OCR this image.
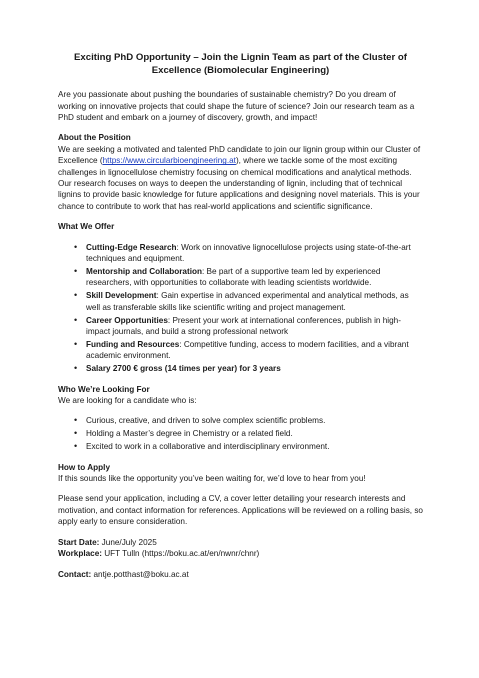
Exciting PhD Opportunity – Join the Lignin Team as part of the Cluster of Excellence (Biomolecular Engineering)

Are you passionate about pushing the boundaries of sustainable chemistry? Do you dream of working on innovative projects that could shape the future of science? Join our research team as a PhD student and embark on a journey of discovery, growth, and impact!

About the Position

We are seeking a motivated and talented PhD candidate to join our lignin group within our Cluster of Excellence (https://www.circularbioengineering.at), where we tackle some of the most exciting challenges in lignocellulose chemistry focusing on chemical modifications and analytical methods. Our research focuses on ways to deepen the understanding of lignin, including that of technical lignins to provide basic knowledge for future applications and designing novel materials. This is your chance to contribute to work that has real-world applications and scientific significance.

What We Offer

• Cutting-Edge Research: Work on innovative lignocellulose projects using state-of-the-art techniques and equipment.
• Mentorship and Collaboration: Be part of a supportive team led by experienced researchers, with opportunities to collaborate with leading scientists worldwide.
• Skill Development: Gain expertise in advanced experimental and analytical methods, as well as transferable skills like scientific writing and project management.
• Career Opportunities: Present your work at international conferences, publish in high-impact journals, and build a strong professional network
• Funding and Resources: Competitive funding, access to modern facilities, and a vibrant academic environment.
• Salary 2700 € gross (14 times per year) for 3 years

Who We’re Looking For

We are looking for a candidate who is:

• Curious, creative, and driven to solve complex scientific problems.
• Holding a Master’s degree in Chemistry or a related field.
• Excited to work in a collaborative and interdisciplinary environment.

How to Apply

If this sounds like the opportunity you’ve been waiting for, we’d love to hear from you!

Please send your application, including a CV, a cover letter detailing your research interests and motivation, and contact information for references. Applications will be reviewed on a rolling basis, so apply early to ensure consideration.

Start Date: June/July 2025

Workplace: UFT Tulln (https://boku.ac.at/en/nwnr/chnr)

Contact: antje.potthast@boku.ac.at
